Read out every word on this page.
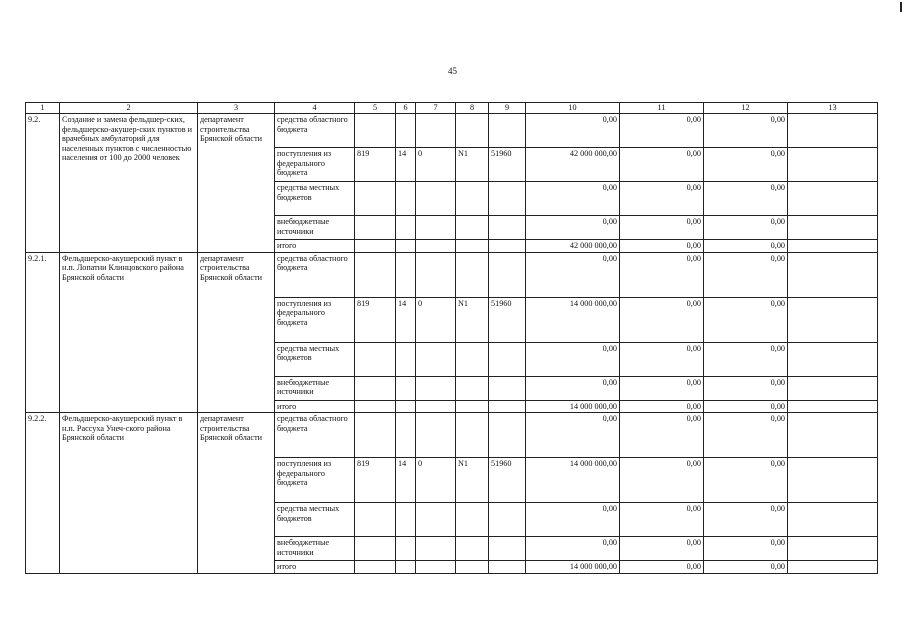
45
1	2	3	4	5	6	7	8	9	10	11	12	13
9.2.	Создание и замена фельдшер-ских, фельдшерско-акушер-ских пунктов и врачебных амбулаторий для населенных пунктов с численностью населения от 100 до 2000 человек	департамент строительства Брянской области	средства областного бюджета						0,00	0,00	0,00	
			поступления из федерального бюджета	819	14	0	N1	51960	42 000 000,00	0,00	0,00	
			средства местных бюджетов						0,00	0,00	0,00	
			внебюджетные источники						0,00	0,00	0,00	
			итого						42 000 000,00	0,00	0,00	
9.2.1.	Фельдшерско-акушерский пункт в н.п. Лопатни Клинцовского района Брянской области	департамент строительства Брянской области	средства областного бюджета						0,00	0,00	0,00	
			поступления из федерального бюджета	819	14	0	N1	51960	14 000 000,00	0,00	0,00	
			средства местных бюджетов						0,00	0,00	0,00	
			внебюджетные источники						0,00	0,00	0,00	
			итого						14 000 000,00	0,00	0,00	
9.2.2.	Фельдшерско-акушерский пункт в н.п. Рассуха Унеч-ского района Брянской области	департамент строительства Брянской области	средства областного бюджета						0,00	0,00	0,00	
			поступления из федерального бюджета	819	14	0	N1	51960	14 000 000,00	0,00	0,00	
			средства местных бюджетов						0,00	0,00	0,00	
			внебюджетные источники						0,00	0,00	0,00	
			итого						14 000 000,00	0,00	0,00	
